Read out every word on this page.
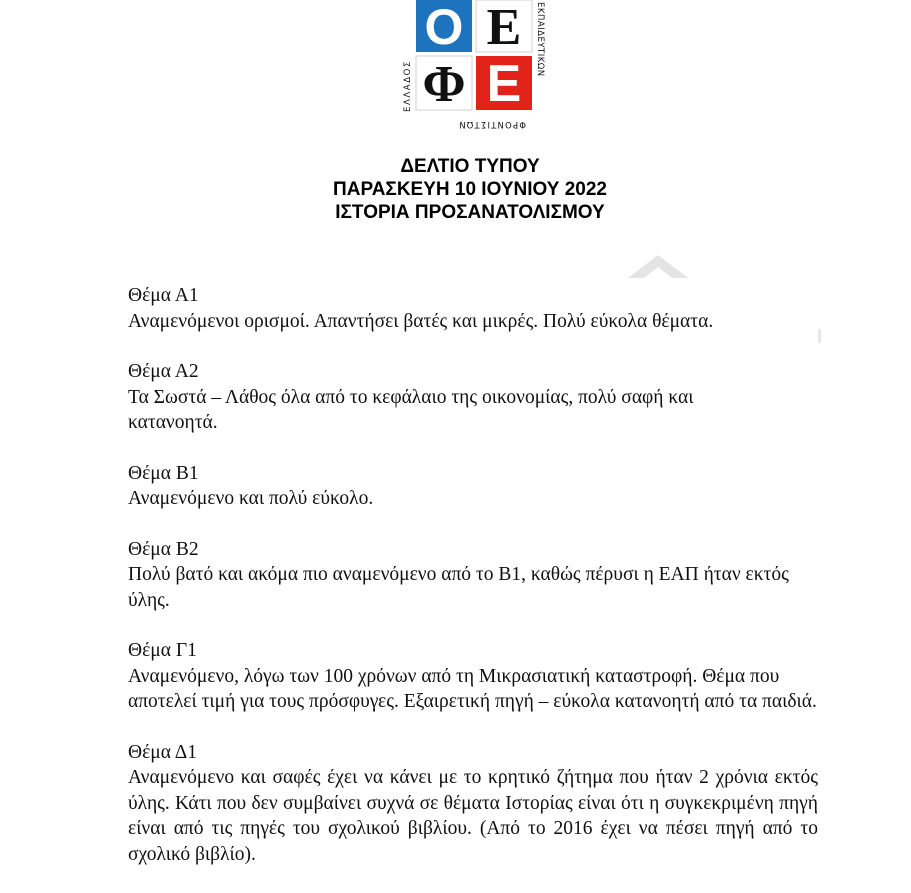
Ο Ε
Φ Ε
ΕΛΛΑΔΟΣ
ΕΚΠΑΙΔΕΥΤΙΚΩΝ
ΦΡΟΝΤΙΣΤΩΝ
ΔΕΛΤΙΟ ΤΥΠΟΥ
ΠΑΡΑΣΚΕΥΗ 10 ΙΟΥΝΙΟΥ 2022
ΙΣΤΟΡΙΑ ΠΡΟΣΑΝΑΤΟΛΙΣΜΟΥ
Θέμα Α1
Αναμενόμενοι ορισμοί. Απαντήσει βατές και μικρές. Πολύ εύκολα θέματα.
Θέμα Α2
Τα Σωστά – Λάθος όλα από το κεφάλαιο της οικονομίας, πολύ σαφή και κατανοητά.
Θέμα Β1
Αναμενόμενο και πολύ εύκολο.
Θέμα Β2
Πολύ βατό και ακόμα πιο αναμενόμενο από το Β1, καθώς πέρυσι η ΕΑΠ ήταν εκτός ύλης.
Θέμα Γ1
Αναμενόμενο, λόγω των 100 χρόνων από τη Μικρασιατική καταστροφή. Θέμα που αποτελεί τιμή για τους πρόσφυγες. Εξαιρετική πηγή – εύκολα κατανοητή από τα παιδιά.
Θέμα Δ1
Αναμενόμενο και σαφές έχει να κάνει με το κρητικό ζήτημα που ήταν 2 χρόνια εκτός ύλης. Κάτι που δεν συμβαίνει συχνά σε θέματα Ιστορίας είναι ότι η συγκεκριμένη πηγή είναι από τις πηγές του σχολικού βιβλίου. (Από το 2016 έχει να πέσει πηγή από το σχολικό βιβλίο).
